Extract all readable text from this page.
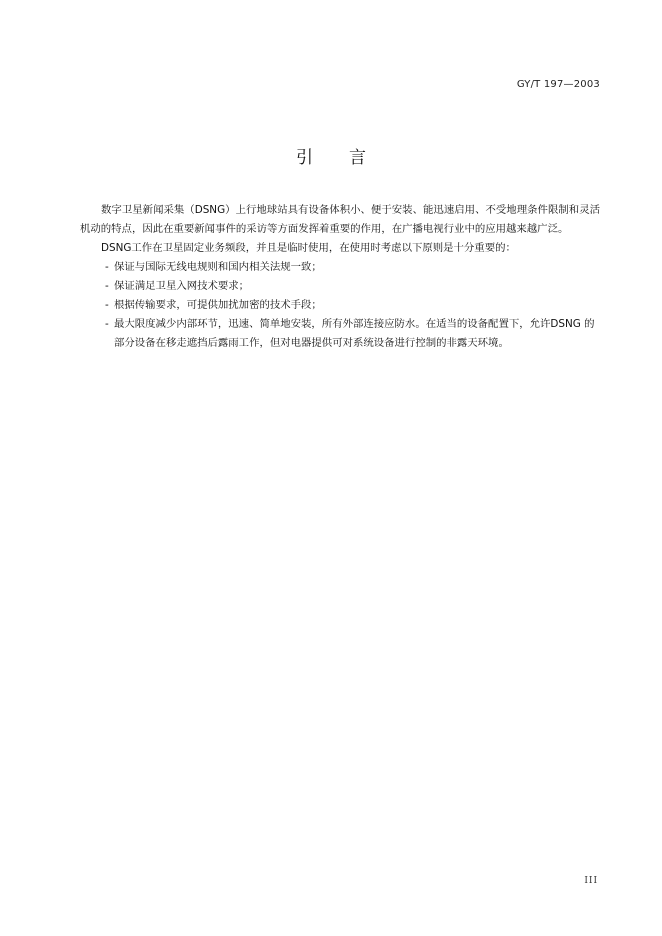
GY/T 197—2003
引言

数字卫星新闻采集（DSNG）上行地球站具有设备体积小、便于安装、能迅速启用、不受地理条件限制和灵活机动的特点，因此在重要新闻事件的采访等方面发挥着重要的作用，在广播电视行业中的应用越来越广泛。

DSNG工作在卫星固定业务频段，并且是临时使用，在使用时考虑以下原则是十分重要的：

- 保证与国际无线电规则和国内相关法规一致；
- 保证满足卫星入网技术要求；
- 根据传输要求，可提供加扰加密的技术手段；
- 最大限度减少内部环节，迅速、简单地安装，所有外部连接应防水。在适当的设备配置下，允许DSNG 的部分设备在移走遮挡后露雨工作，但对电器提供可对系统设备进行控制的非露天环境。
III
